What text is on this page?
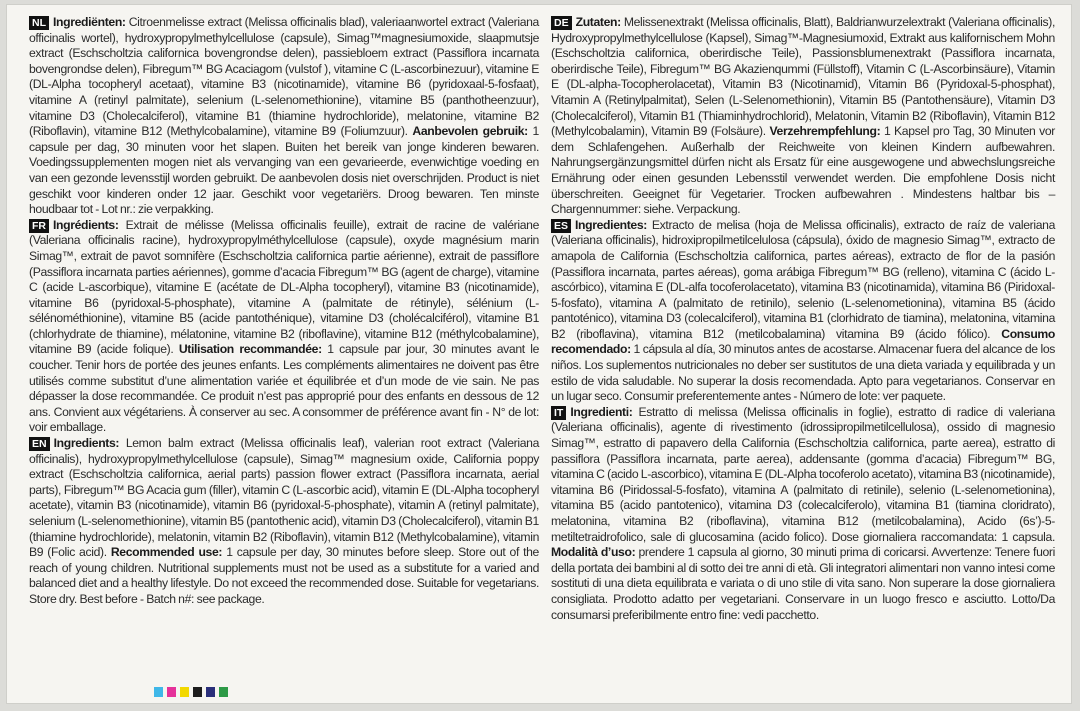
NL Ingrediënten: Citroenmelisse extract (Melissa officinalis blad), valeriaanwortel extract (Valeriana officinalis wortel), hydroxypropylmethylcellulose (capsule), Simag™magnesiumoxide, slaapmutsje extract (Eschscholtzia californica bovengrondse delen), passiebloem extract (Passiflora incarnata bovengrondse delen), Fibregum™ BG Acaciagom (vulstof ), vitamine C (L-ascorbinezuur), vitamine E (DL-Alpha tocopheryl acetaat), vitamine B3 (nicotinamide), vitamine B6 (pyridoxaal-5-fosfaat), vitamine A (retinyl palmitate), selenium (L-selenomethionine), vitamine B5 (panthotheenzuur), vitamine D3 (Cholecalciferol), vitamine B1 (thiamine hydrochloride), melatonine, vitamine B2 (Riboflavin), vitamine B12 (Methylcobalamine), vitamine B9 (Foliumzuur). Aanbevolen gebruik: 1 capsule per dag, 30 minuten voor het slapen. Buiten het bereik van jonge kinderen bewaren. Voedingssupplementen mogen niet als vervanging van een gevarieerde, evenwichtige voeding en van een gezonde levensstijl worden gebruikt. De aanbevolen dosis niet overschrijden. Product is niet geschikt voor kinderen onder 12 jaar. Geschikt voor vegetariërs. Droog bewaren. Ten minste houdbaar tot - Lot nr.: zie verpakking.

FR Ingrédients: Extrait de mélisse (Melissa officinalis feuille), extrait de racine de valériane (Valeriana officinalis racine), hydroxypropylméthylcellulose (capsule), oxyde magnésium marin Simag™, extrait de pavot somnifère (Eschscholtzia californica partie aérienne), extrait de passiflore (Passiflora incarnata parties aériennes), gomme d’acacia Fibregum™ BG (agent de charge), vitamine C (acide L-ascorbique), vitamine E (acétate de DL-Alpha tocopheryl), vitamine B3 (nicotinamide), vitamine B6 (pyridoxal-5-phosphate), vitamine A (palmitate de rétinyle), sélénium (L-sélénométhionine), vitamine B5 (acide pantothénique), vitamine D3 (cholécalciférol), vitamine B1 (chlorhydrate de thiamine), mélatonine, vitamine B2 (riboflavine), vitamine B12 (méthylcobalamine), vitamine B9 (acide folique). Utilisation recommandée: 1 capsule par jour, 30 minutes avant le coucher. Tenir hors de portée des jeunes enfants. Les compléments alimentaires ne doivent pas être utilisés comme substitut d’une alimentation variée et équilibrée et d’un mode de vie sain. Ne pas dépasser la dose recommandée. Ce produit n’est pas approprié pour des enfants en dessous de 12 ans. Convient aux végétariens. À conserver au sec. A consommer de préférence avant fin - N° de lot: voir emballage.

EN Ingredients: Lemon balm extract (Melissa officinalis leaf), valerian root extract (Valeriana officinalis), hydroxypropylmethylcellulose (capsule), Simag™ magnesium oxide, California poppy extract (Eschscholtzia californica, aerial parts) passion flower extract (Passiflora incarnata, aerial parts), Fibregum™ BG Acacia gum (filler), vitamin C (L-ascorbic acid), vitamin E (DL-Alpha tocopheryl acetate), vitamin B3 (nicotinamide), vitamin B6 (pyridoxal-5-phosphate), vitamin A (retinyl palmitate), selenium (L-selenomethionine), vitamin B5 (pantothenic acid), vitamin D3 (Cholecalciferol), vitamin B1 (thiamine hydrochloride), melatonin, vitamin B2 (Riboflavin), vitamin B12 (Methylcobalamine), vitamin B9 (Folic acid). Recommended use: 1 capsule per day, 30 minutes before sleep. Store out of the reach of young children. Nutritional supplements must not be used as a substitute for a varied and balanced diet and a healthy lifestyle. Do not exceed the recommended dose. Suitable for vegetarians. Store dry. Best before - Batch n#: see package.

DE Zutaten: Melissenextrakt (Melissa officinalis, Blatt), Baldrianwurzelextrakt (Valeriana officinalis), Hydroxypropylmethylcellulose (Kapsel), Simag™-Magnesiumoxid, Extrakt aus kalifornischem Mohn (Eschscholtzia californica, oberirdische Teile), Passionsblumenextrakt (Passiflora incarnata, oberirdische Teile), Fibregum™ BG Akazienqummi (Füllstoff), Vitamin C (L-Ascorbinsäure), Vitamin E (DL-alpha-Tocopherolacetat), Vitamin B3 (Nicotinamid), Vitamin B6 (Pyridoxal-5-phosphat), Vitamin A (Retinylpalmitat), Selen (L-Selenomethionin), Vitamin B5 (Pantothensäure), Vitamin D3 (Cholecalciferol), Vitamin B1 (Thiaminhydrochlorid), Melatonin, Vitamin B2 (Riboflavin), Vitamin B12 (Methylcobalamin), Vitamin B9 (Folsäure). Verzehrempfehlung: 1 Kapsel pro Tag, 30 Minuten vor dem Schlafengehen. Außerhalb der Reichweite von kleinen Kindern aufbewahren. Nahrungsergänzungsmittel dürfen nicht als Ersatz für eine ausgewogene und abwechslungsreiche Ernährung oder einen gesunden Lebensstil verwendet werden. Die empfohlene Dosis nicht überschreiten. Geeignet für Vegetarier. Trocken aufbewahren . Mindestens haltbar bis – Chargennummer: siehe. Verpackung.

ES Ingredientes: Extracto de melisa (hoja de Melissa officinalis), extracto de raíz de valeriana (Valeriana officinalis), hidroxipropilmetilcelulosa (cápsula), óxido de magnesio Simag™, extracto de amapola de California (Eschscholtzia californica, partes aéreas), extracto de flor de la pasión (Passiflora incarnata, partes aéreas), goma arábiga Fibregum™ BG (relleno), vitamina C (ácido L-ascórbico), vitamina E (DL-alfa tocoferolacetato), vitamina B3 (nicotinamida), vitamina B6 (Piridoxal-5-fosfato), vitamina A (palmitato de retinilo), selenio (L-selenometionina), vitamina B5 (ácido pantoténico), vitamina D3 (colecalciferol), vitamina B1 (clorhidrato de tiamina), melatonina, vitamina B2 (riboflavina), vitamina B12 (metilcobalamina) vitamina B9 (ácido fólico). Consumo recomendado: 1 cápsula al día, 30 minutos antes de acostarse. Almacenar fuera del alcance de los niños. Los suplementos nutricionales no deber ser sustitutos de una dieta variada y equilibrada y un estilo de vida saludable. No superar la dosis recomendada. Apto para vegetarianos. Conservar en un lugar seco. Consumir preferentemente antes - Número de lote: ver paquete.

IT Ingredienti: Estratto di melissa (Melissa officinalis in foglie), estratto di radice di valeriana (Valeriana officinalis), agente di rivestimento (idrossipropilmetilcellulosa), ossido di magnesio Simag™, estratto di papavero della California (Eschscholtzia californica, parte aerea), estratto di passiflora (Passiflora incarnata, parte aerea), addensante (gomma d’acacia) Fibregum™ BG, vitamina C (acido L-ascorbico), vitamina E (DL-Alpha tocoferolo acetato), vitamina B3 (nicotinamide), vitamina B6 (Piridossal-5-fosfato), vitamina A (palmitato di retinile), selenio (L-selenometionina), vitamina B5 (acido pantotenico), vitamina D3 (colecalciferolo), vitamina B1 (tiamina cloridrato), melatonina, vitamina B2 (riboflavina), vitamina B12 (metilcobalamina), Acido (6s’)-5-metiltetraidrofolico, sale di glucosamina (acido folico). Dose giornaliera raccomandata: 1 capsula. Modalità d’uso: prendere 1 capsula al giorno, 30 minuti prima di coricarsi. Avvertenze: Tenere fuori della portata dei bambini al di sotto dei tre anni di età. Gli integratori alimentari non vanno intesi come sostituti di una dieta equilibrata e variata o di uno stile di vita sano. Non superare la dose giornaliera consigliata. Prodotto adatto per vegetariani. Conservare in un luogo fresco e asciutto. Lotto/Da consumarsi preferibilmente entro fine: vedi pacchetto.
